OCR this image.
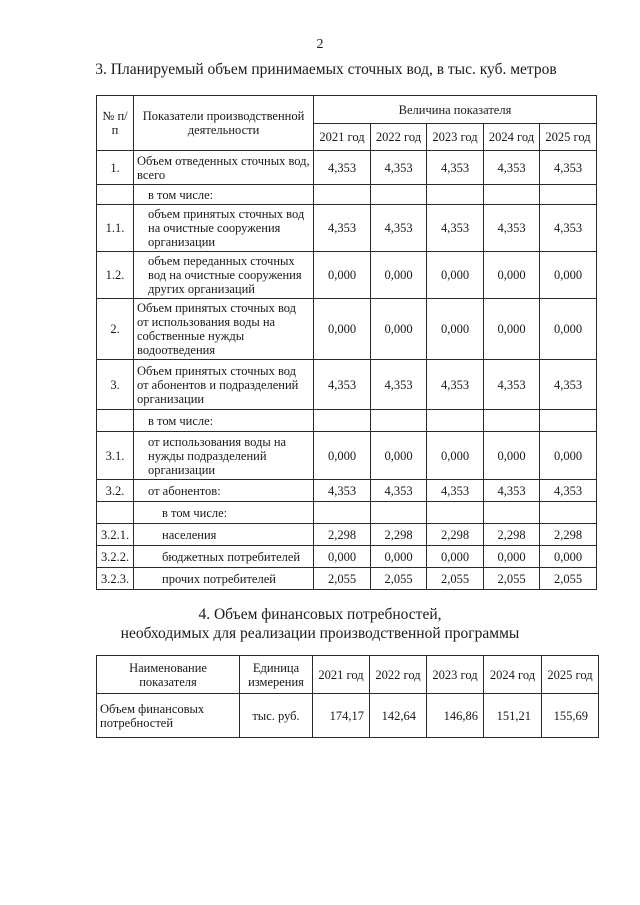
2
3. Планируемый объем принимаемых сточных вод, в тыс. куб. метров
№ п/п	Показатели производственной деятельности	Величина показателя				
		2021 год	2022 год	2023 год	2024 год	2025 год
1.	Объем отведенных сточных вод, всего	4,353	4,353	4,353	4,353	4,353
	в том числе:					
1.1.	объем принятых сточных вод на очистные сооружения организации	4,353	4,353	4,353	4,353	4,353
1.2.	объем переданных сточных вод на очистные сооружения других организаций	0,000	0,000	0,000	0,000	0,000
2.	Объем принятых сточных вод от использования воды на собственные нужды водоотведения	0,000	0,000	0,000	0,000	0,000
3.	Объем принятых сточных вод от абонентов и подразделений организации	4,353	4,353	4,353	4,353	4,353
	в том числе:					
3.1.	от использования воды на нужды подразделений организации	0,000	0,000	0,000	0,000	0,000
3.2.	от абонентов:	4,353	4,353	4,353	4,353	4,353
	в том числе:					
3.2.1.	населения	2,298	2,298	2,298	2,298	2,298
3.2.2.	бюджетных потребителей	0,000	0,000	0,000	0,000	0,000
3.2.3.	прочих потребителей	2,055	2,055	2,055	2,055	2,055
4. Объем финансовых потребностей,
необходимых для реализации производственной программы
Наименование показателя	Единица измерения	2021 год	2022 год	2023 год	2024 год	2025 год
Объем финансовых потребностей	тыс. руб.	174,17	142,64	146,86	151,21	155,69
